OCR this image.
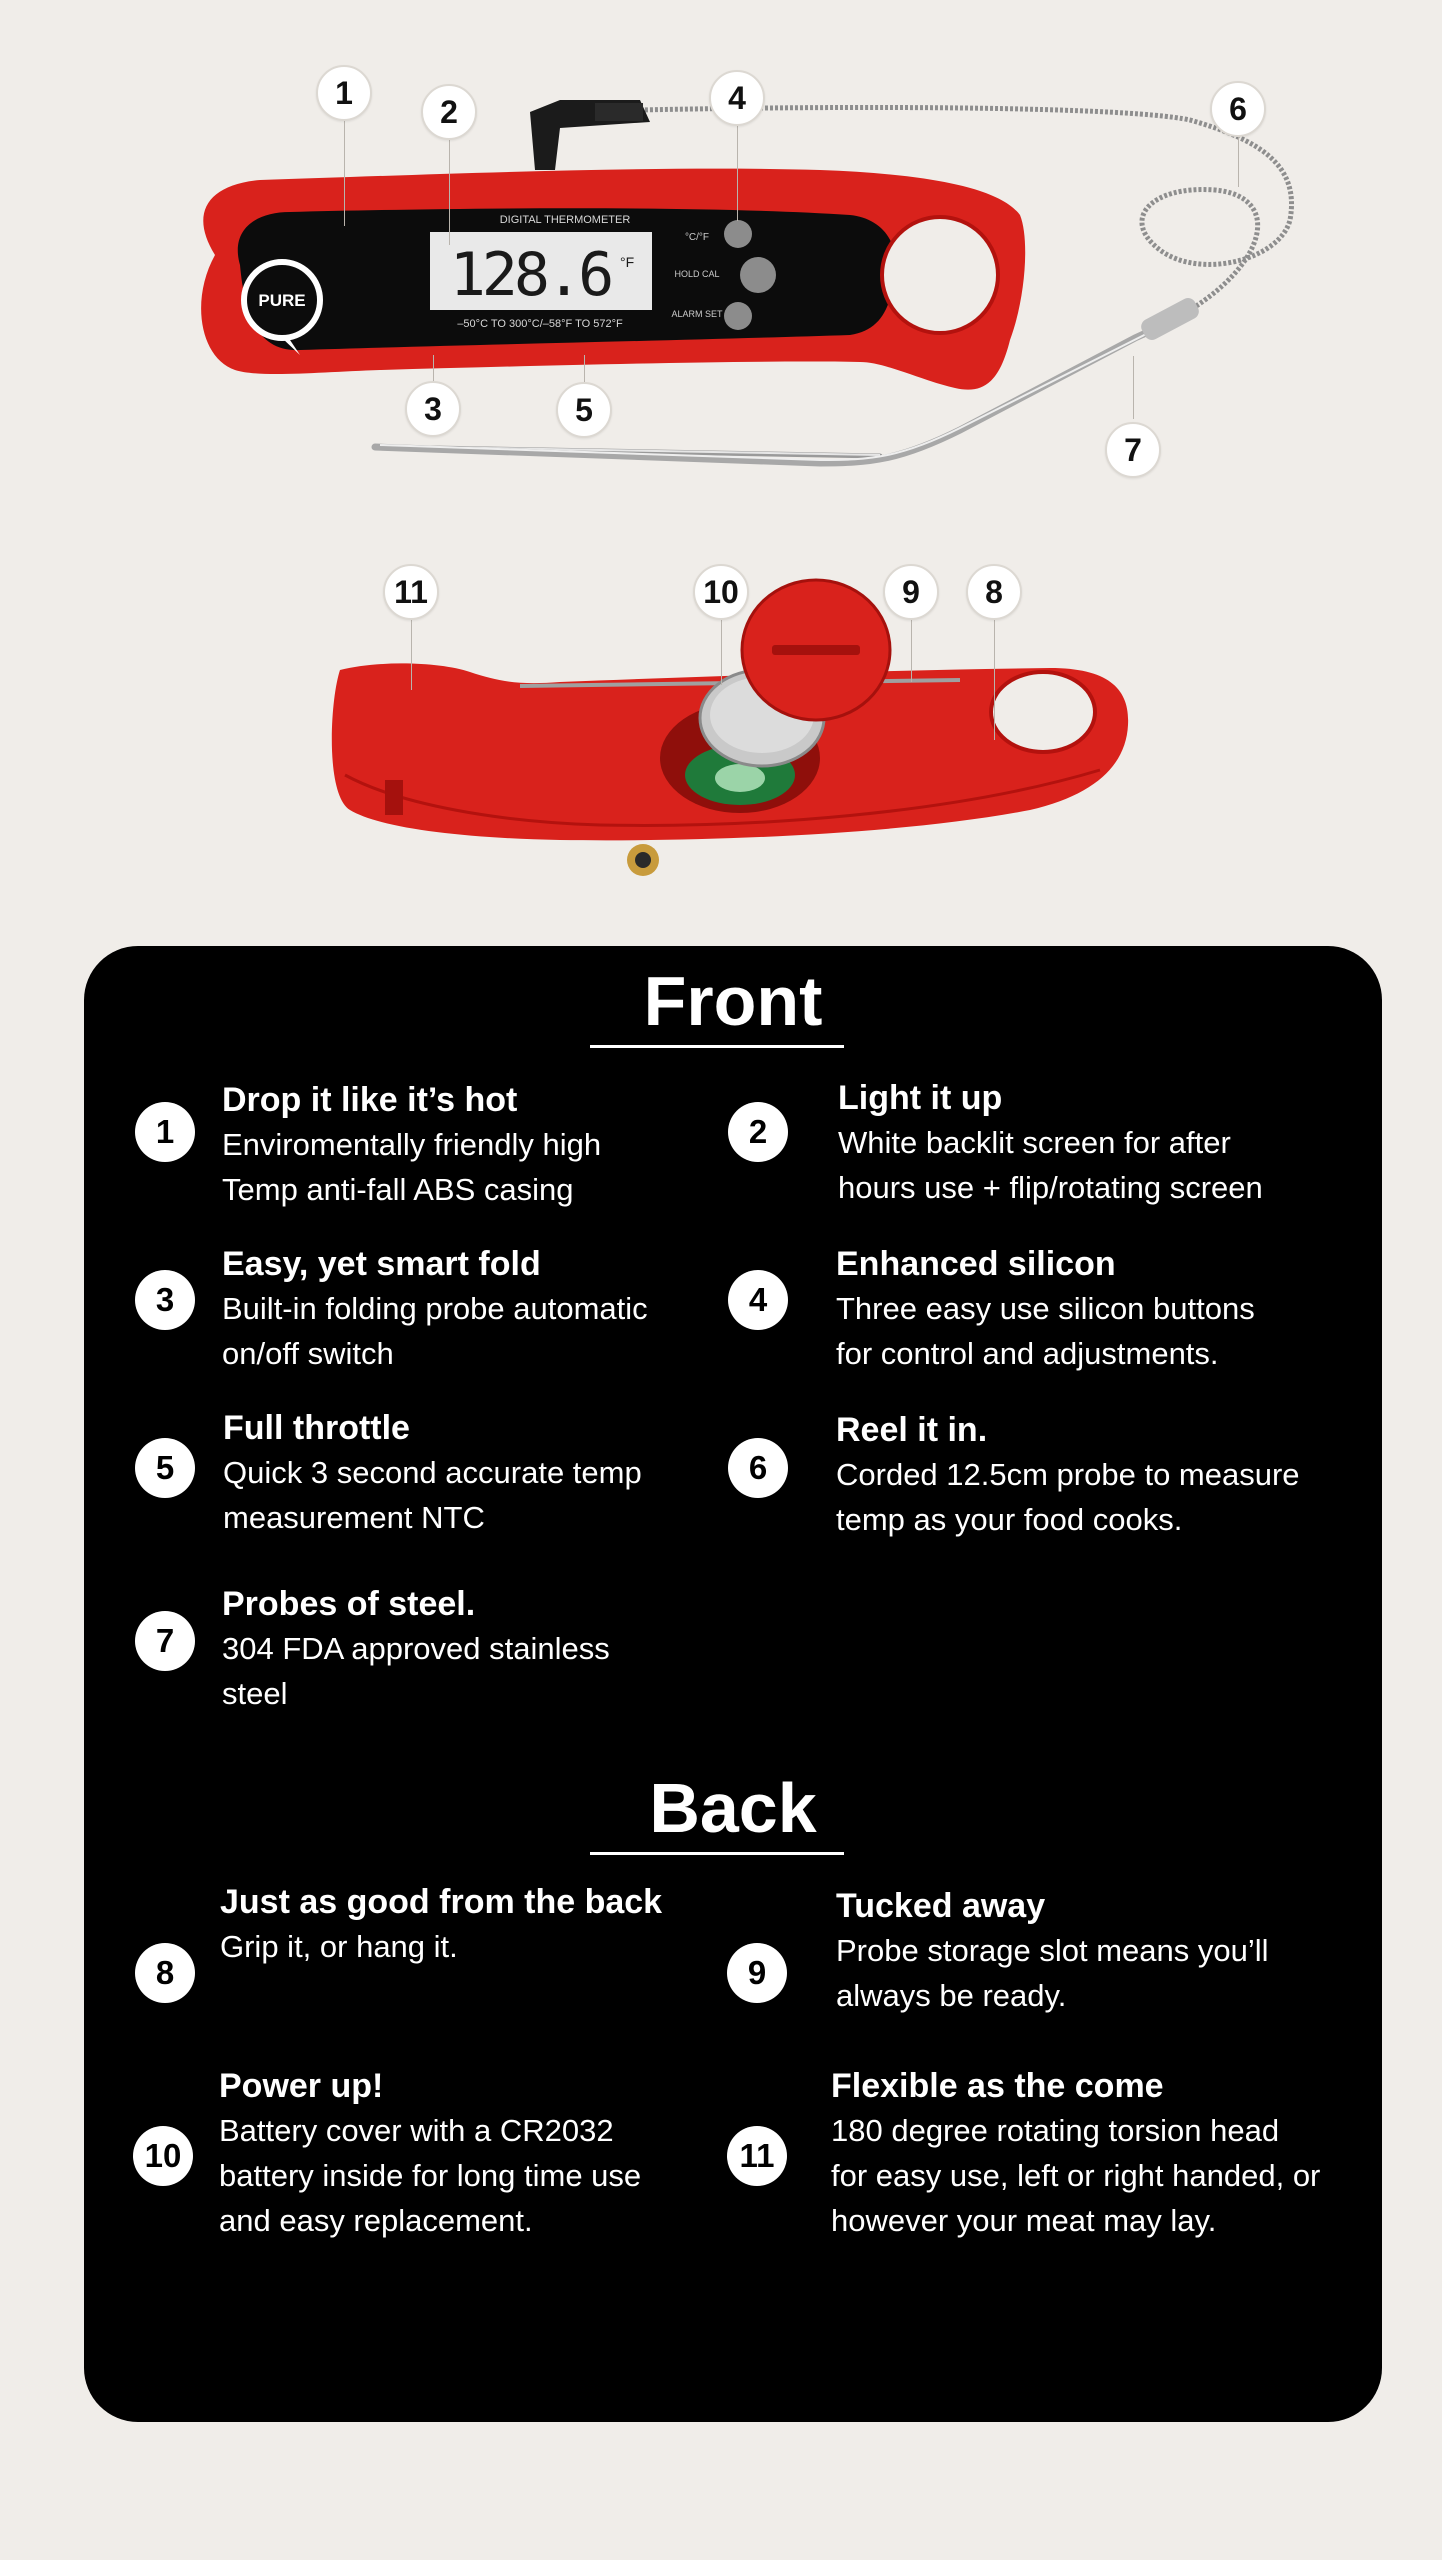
PURE
DIGITAL THERMOMETER
128.6 °F
–50°C TO 300°C/–58°F TO 572°F
°C/°F
HOLD CAL
ALARM SET
1
2	4	6
3	5
7
11	10	9	8
Front
1
Drop it like it’s hot
Enviromentally friendly high
Temp anti-fall ABS casing
2
Light it up
White backlit screen for after
hours use + flip/rotating screen
3
Easy, yet smart fold
Built-in folding probe automatic
on/off switch
4
Enhanced silicon
Three easy use silicon buttons
for control and adjustments.
5
Full throttle
Quick 3 second accurate temp
measurement NTC
6
Reel it in.
Corded 12.5cm probe to measure
temp as your food cooks.
7
Probes of steel.
304 FDA approved stainless
steel
Back
8
Just as good from the back
Grip it, or hang it.
9
Tucked away
Probe storage slot means you’ll
always be ready.
10
Power up!
Battery cover with a CR2032
battery inside for long time use
and easy replacement.
11
Flexible as the come
180 degree rotating torsion head
for easy use, left or right handed, or
however your meat may lay.
